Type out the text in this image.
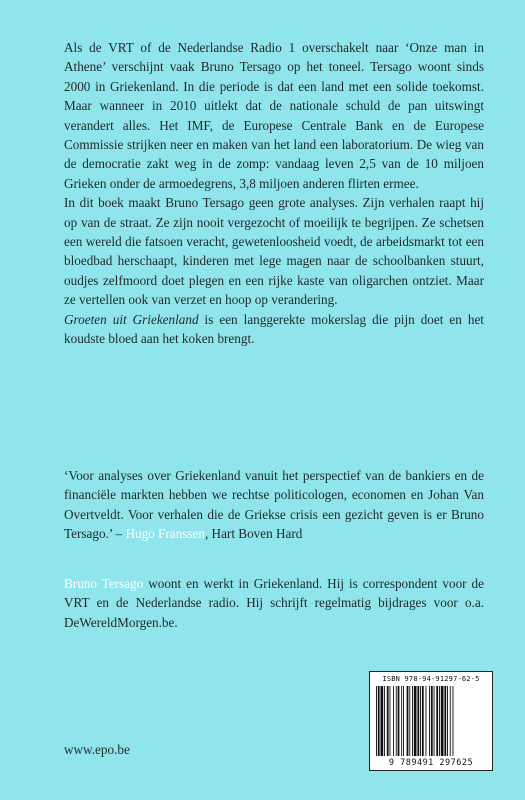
Als de VRT of de Nederlandse Radio 1 overschakelt naar ‘Onze man in Athene’ verschijnt vaak Bruno Tersago op het toneel. Tersago woont sinds 2000 in Griekenland. In die periode is dat een land met een solide toekomst. Maar wanneer in 2010 uitlekt dat de nationale schuld de pan uitswingt verandert alles. Het IMF, de Europese Centrale Bank en de Europese Commissie strijken neer en maken van het land een laboratorium. De wieg van de democratie zakt weg in de zomp: vandaag leven 2,5 van de 10 miljoen Grieken onder de armoedegrens, 3,8 miljoen anderen flirten ermee.

In dit boek maakt Bruno Tersago geen grote analyses. Zijn verhalen raapt hij op van de straat. Ze zijn nooit vergezocht of moeilijk te begrijpen. Ze schetsen een wereld die fatsoen veracht, gewetenloosheid voedt, de arbeidsmarkt tot een bloedbad herschaapt, kinderen met lege magen naar de schoolbanken stuurt, oudjes zelfmoord doet plegen en een rijke kaste van oligarchen ontziet. Maar ze vertellen ook van verzet en hoop op verandering.

Groeten uit Griekenland is een langgerekte mokerslag die pijn doet en het koudste bloed aan het koken brengt.

‘Voor analyses over Griekenland vanuit het perspectief van de bankiers en de financiële markten hebben we rechtse politicologen, economen en Johan Van Overtveldt. Voor verhalen die de Griekse crisis een gezicht geven is er Bruno Tersago.’ – Hugo Franssen, Hart Boven Hard

Bruno Tersago woont en werkt in Griekenland. Hij is correspondent voor de VRT en de Nederlandse radio. Hij schrijft regelmatig bijdrages voor o.a. DeWereldMorgen.be.

ISBN 978-94-91297-62-5
9 789491 297625
www.epo.be
